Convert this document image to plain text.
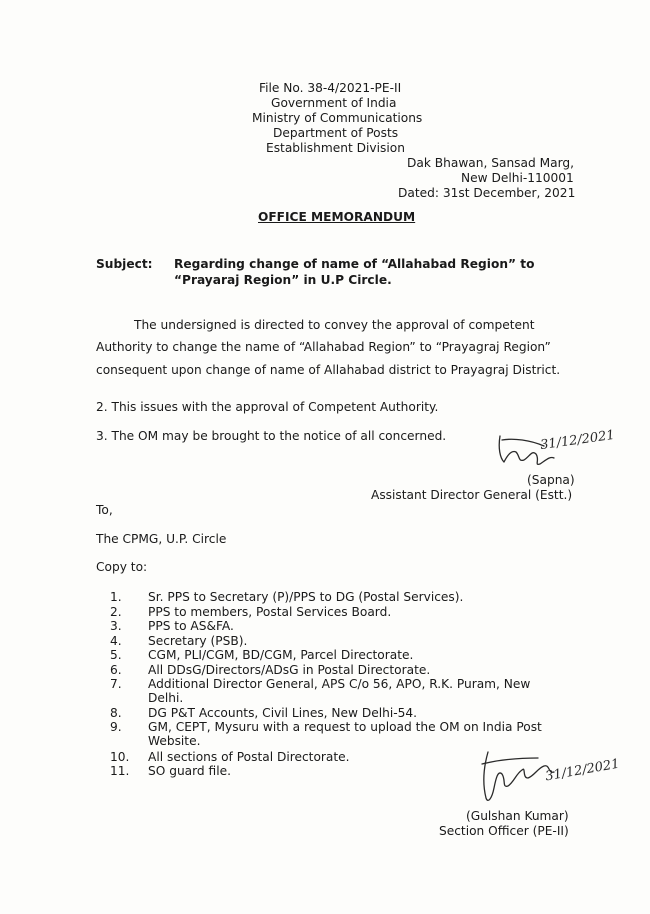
File No. 38-4/2021-PE-II
Government of India
Ministry of Communications
Department of Posts
Establishment Division
Dak Bhawan, Sansad Marg,
New Delhi-110001
Dated: 31st December, 2021
OFFICE MEMORANDUM
Subject: Regarding change of name of “Allahabad Region” to
“Prayaraj Region” in U.P Circle.
The undersigned is directed to convey the approval of competent
Authority to change the name of “Allahabad Region” to “Prayagraj Region”
consequent upon change of name of Allahabad district to Prayagraj District.
2. This issues with the approval of Competent Authority.
3. The OM may be brought to the notice of all concerned.	31/12/2021
(Sapna)
Assistant Director General (Estt.)
To,
The CPMG, U.P. Circle
Copy to:
1.	Sr. PPS to Secretary (P)/PPS to DG (Postal Services).
2.	PPS to members, Postal Services Board.
3.	PPS to AS&FA.
4.	Secretary (PSB).
5.	CGM, PLI/CGM, BD/CGM, Parcel Directorate.
6.	All DDsG/Directors/ADsG in Postal Directorate.
7.	Additional Director General, APS C/o 56, APO, R.K. Puram, New Delhi.
8.	DG P&T Accounts, Civil Lines, New Delhi-54.
9.	GM, CEPT, Mysuru with a request to upload the OM on India Post Website.
10.	All sections of Postal Directorate.
11.	SO guard file.	31/12/2021
(Gulshan Kumar)
Section Officer (PE-II)
